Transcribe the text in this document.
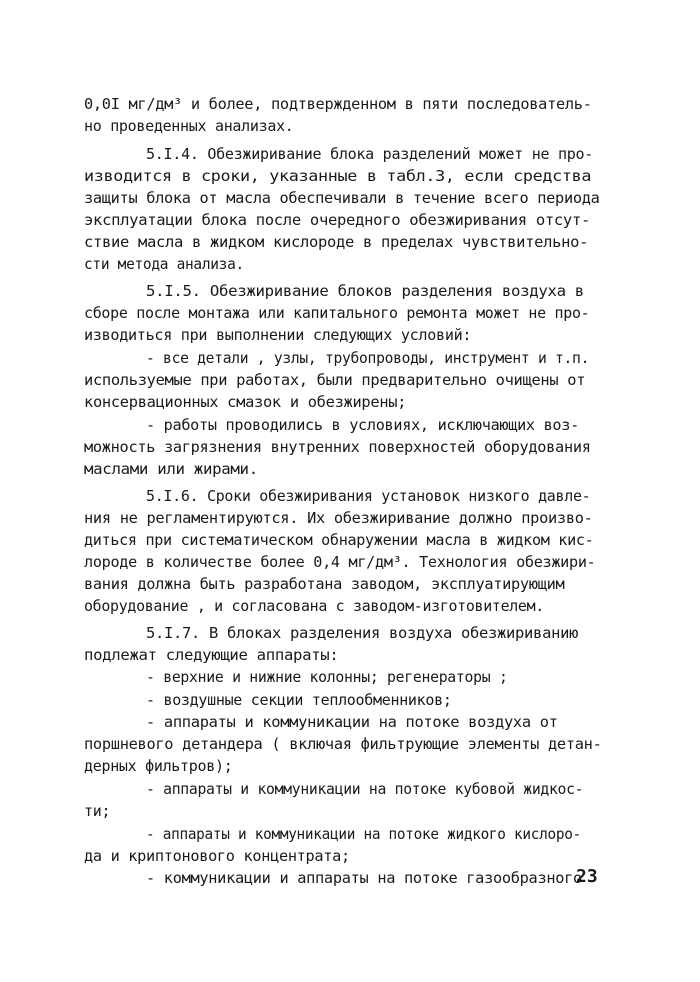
0,0I мг/дм³ и более, подтвержденном в пяти последователь-
но проведенных анализах.
5.I.4. Обезжиривание блока разделений может не про-
изводится в сроки, указанные в табл.3, если средства
защиты блока от масла обеспечивали в течение всего периода
эксплуатации блока после очередного обезжиривания отсут-
ствие масла в жидком кислороде в пределах чувствительно-
сти метода анализа.
5.I.5. Обезжиривание блоков разделения воздуха в
сборе после монтажа или капитального ремонта может не про-
изводиться при выполнении следующих условий:
- все детали , узлы, трубопроводы, инструмент и т.п.
используемые при работах, были предварительно очищены от
консервационных смазок и обезжирены;
- работы проводились в условиях, исключающих воз-
можность загрязнения внутренних поверхностей оборудования
маслами или жирами.
5.I.6. Сроки обезжиривания установок низкого давле-
ния не регламентируются. Их обезжиривание должно произво-
диться при систематическом обнаружении масла в жидком кис-
лороде в количестве более 0,4 мг/дм³. Технология обезжири-
вания должна быть разработана заводом, эксплуатирующим
оборудование , и согласована с заводом-изготовителем.
5.I.7. В блоках разделения воздуха обезжириванию
подлежат следующие аппараты:
- верхние и нижние колонны; регенераторы ;
- воздушные секции теплообменников;
- аппараты и коммуникации на потоке воздуха от
поршневого детандера ( включая фильтрующие элементы детан-
дерных фильтров);
- аппараты и коммуникации на потоке кубовой жидкос-
ти;
- аппараты и коммуникации на потоке жидкого кислоро-
да и криптонового концентрата;
- коммуникации и аппараты на потоке газообразного
23
